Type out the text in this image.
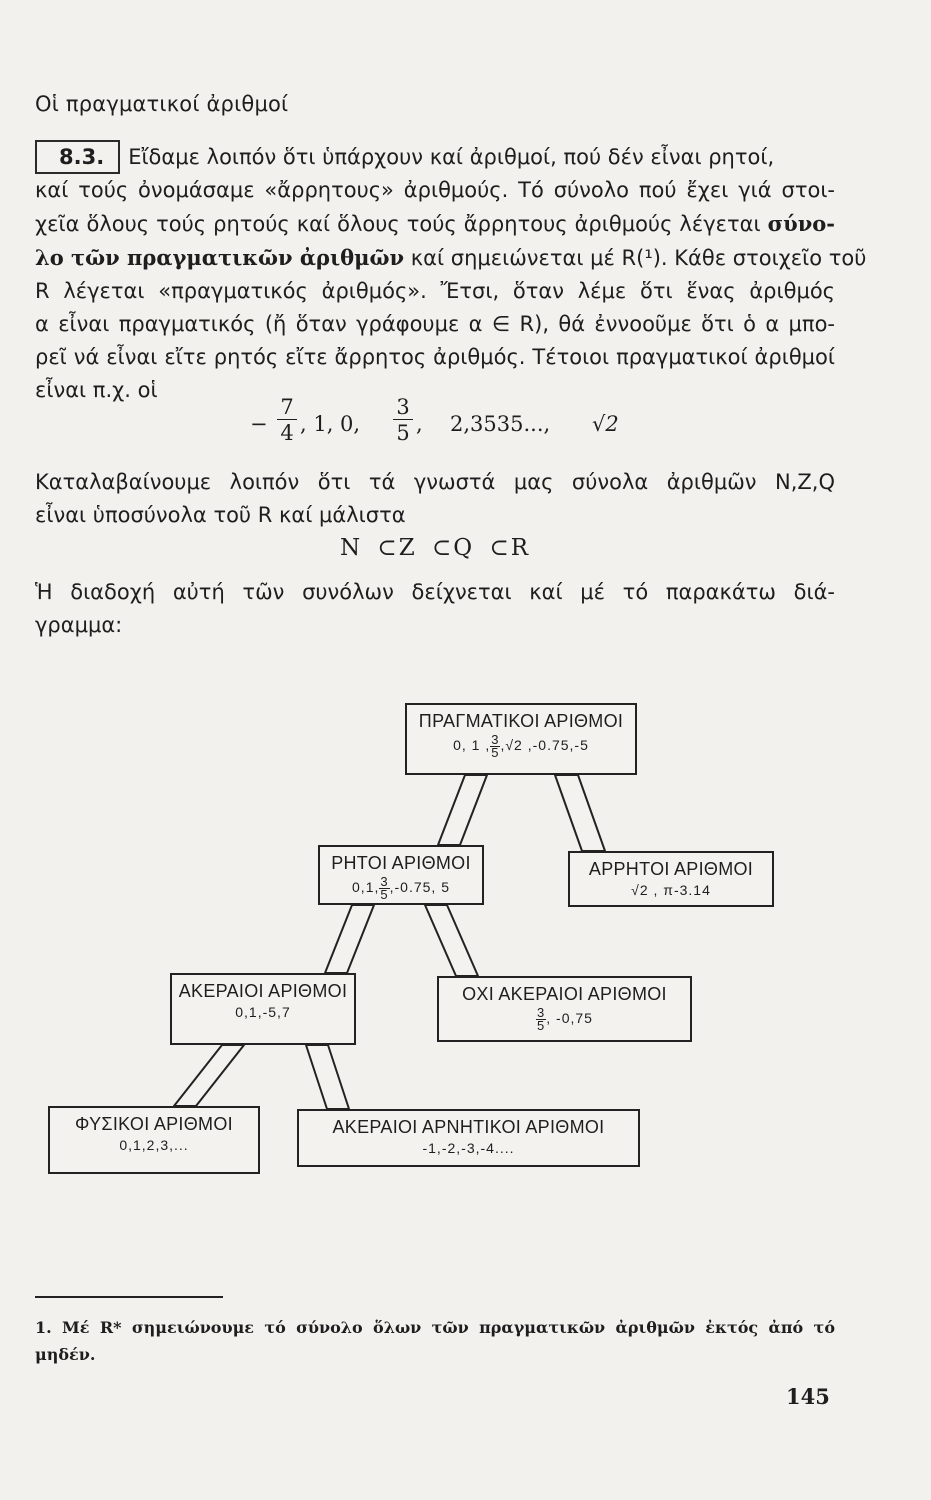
Οἱ πραγματικοί ἀριθμοί
8.3. Εἴδαμε λοιπόν ὅτι ὑπάρχουν καί ἀριθμοί, πού δέν εἶναι ρητοί,
καί τούς ὀνομάσαμε «ἄρρητους» ἀριθμούς. Τό σύνολο πού ἔχει γιά στοι-
χεῖα ὅλους τούς ρητούς καί ὅλους τούς ἄρρητους ἀριθμούς λέγεται σύνο-
λο τῶν πραγματικῶν ἀριθμῶν καί σημειώνεται μέ R(¹). Κάθε στοιχεῖο τοῦ
R λέγεται «πραγματικός ἀριθμός». Ἔτσι, ὅταν λέμε ὅτι ἕνας ἀριθμός
α εἶναι πραγματικός (ἤ ὅταν γράφουμε α ∈ R), θά ἐννοοῦμε ὅτι ὁ α μπο-
ρεῖ νά εἶναι εἴτε ρητός εἴτε ἄρρητος ἀριθμός. Τέτοιοι πραγματικοί ἀριθμοί
εἶναι π.χ. οἱ
− $\frac{7}{4}$ , 1, 0, $\frac{3}{5}$ , 2,3535..., √2
Καταλαβαίνουμε λοιπόν ὅτι τά γνωστά μας σύνολα ἀριθμῶν N,Z,Q
εἶναι ὑποσύνολα τοῦ R καί μάλιστα
N ⊂Z ⊂Q ⊂R
Ἡ διαδοχή αὐτή τῶν συνόλων δείχνεται καί μέ τό παρακάτω διά-
γραμμα:
ΠΡΑΓΜΑΤΙΚΟΙ ΑΡΙΘΜΟΙ
0, 1 , $\frac{3}{5},√2$ ,-0.75,-5
ΡΗΤΟΙ ΑΡΙΘΜΟΙ
0,1, $\frac{3}{5},-0.75$, 5
ΑΡΡΗΤΟΙ ΑΡΙΘΜΟΙ
√2 , π-3.14
ΑΚΕΡΑΙΟΙ ΑΡΙΘΜΟΙ
0,1,-5,7
ΟΧΙ ΑΚΕΡΑΙΟΙ ΑΡΙΘΜΟΙ
$\frac{3}{5}$, -0,75
ΦΥΣΙΚΟΙ ΑΡΙΘΜΟΙ
0,1,2,3,...
ΑΚΕΡΑΙΟΙ ΑΡΝΗΤΙΚΟΙ ΑΡΙΘΜΟΙ
-1,-2,-3,-4....
1. Μέ R* σημειώνουμε τό σύνολο ὅλων τῶν πραγματικῶν ἀριθμῶν ἐκτός ἀπό τό
μηδέν.
145
